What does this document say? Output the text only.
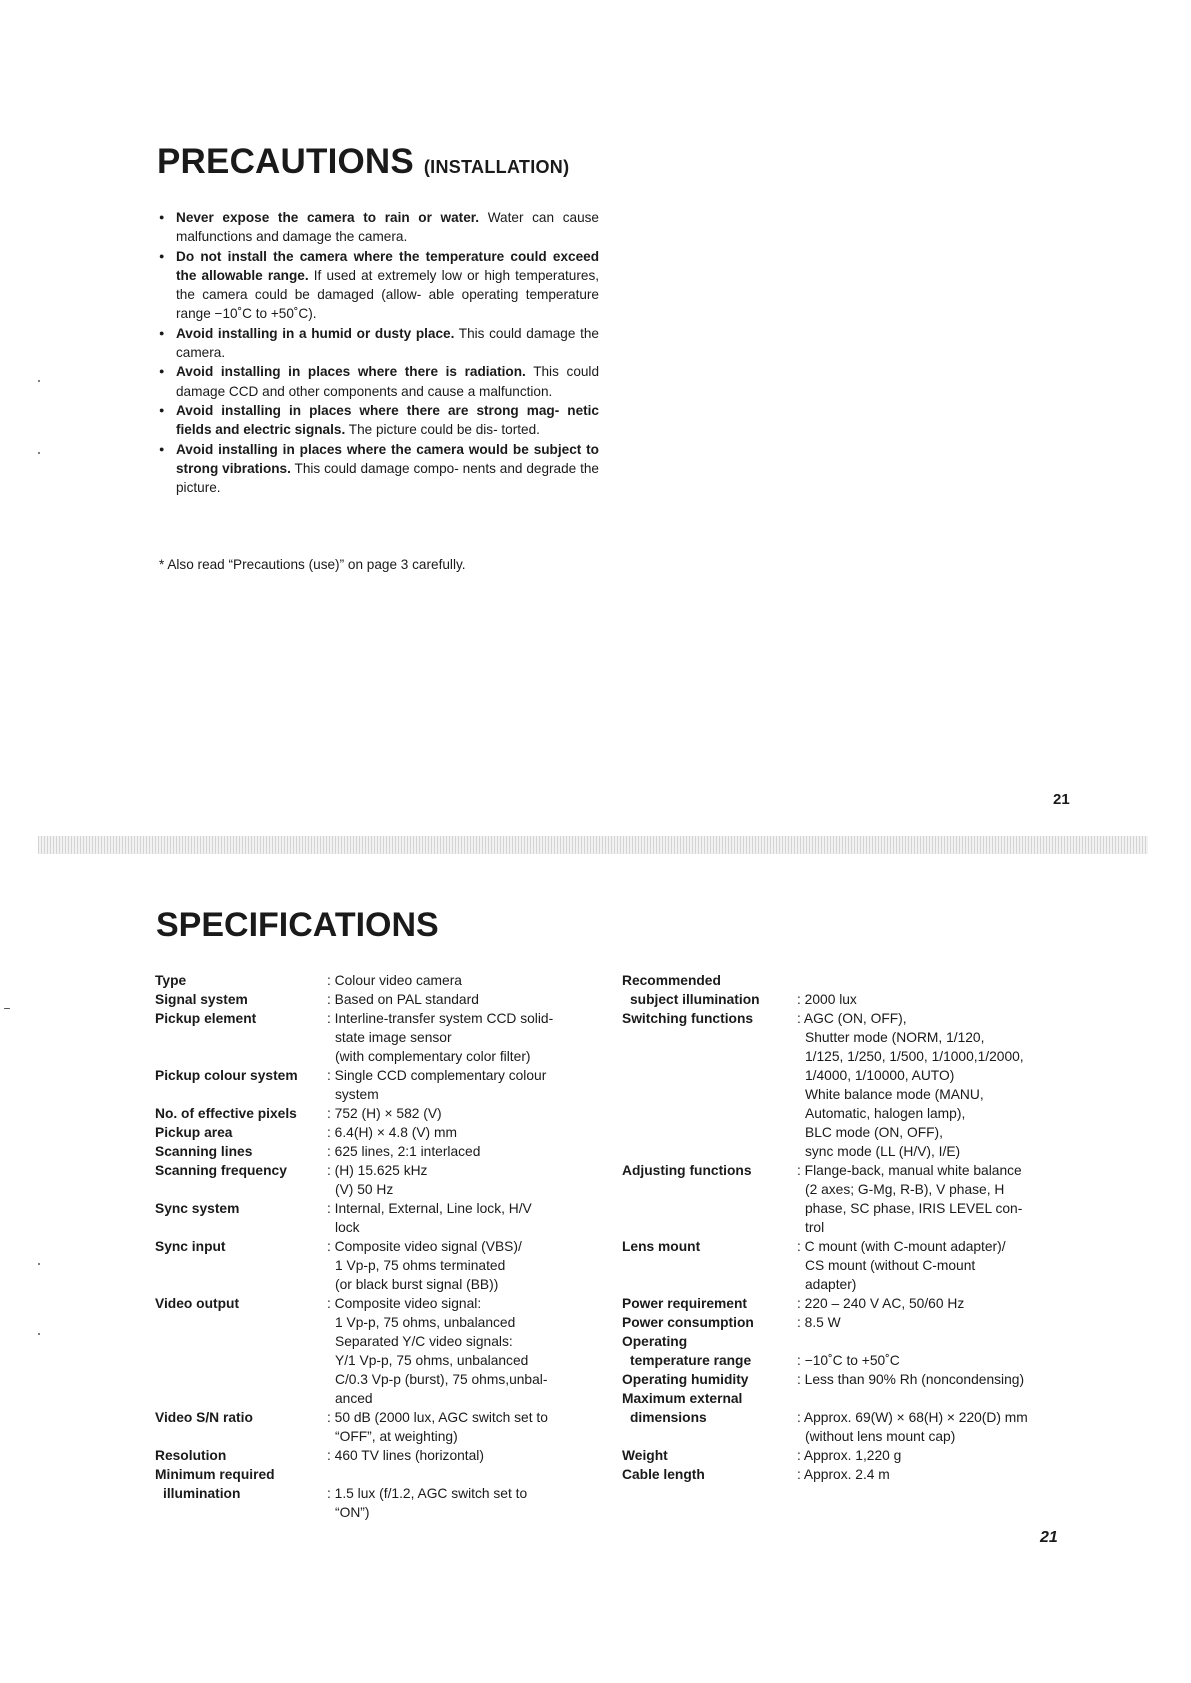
PRECAUTIONS (INSTALLATION)
● Never expose the camera to rain or water. Water can cause malfunctions and damage the camera.
● Do not install the camera where the temperature could exceed the allowable range. If used at extremely low or high temperatures, the camera could be damaged (allow- able operating temperature range −10˚C to +50˚C).
● Avoid installing in a humid or dusty place. This could damage the camera.
● Avoid installing in places where there is radiation. This could damage CCD and other components and cause a malfunction.
● Avoid installing in places where there are strong mag- netic fields and electric signals. The picture could be dis- torted.
● Avoid installing in places where the camera would be subject to strong vibrations. This could damage compo- nents and degrade the picture.
* Also read “Precautions (use)” on page 3 carefully.
21
SPECIFICATIONS
Type	: Colour video camera
Signal system	: Based on PAL standard
Pickup element	: Interline-transfer system CCD solid-
state image sensor
(with complementary color filter)
Pickup colour system	: Single CCD complementary colour
system
No. of effective pixels	: 752 (H) × 582 (V)
Pickup area	: 6.4(H) × 4.8 (V) mm
Scanning lines	: 625 lines, 2:1 interlaced
Scanning frequency	: (H) 15.625 kHz
(V) 50 Hz
Sync system	: Internal, External, Line lock, H/V
lock
Sync input	: Composite video signal (VBS)/
1 Vp-p, 75 ohms terminated
(or black burst signal (BB))
Video output	: Composite video signal:
1 Vp-p, 75 ohms, unbalanced
Separated Y/C video signals:
Y/1 Vp-p, 75 ohms, unbalanced
C/0.3 Vp-p (burst), 75 ohms,unbal-
anced
Video S/N ratio	: 50 dB (2000 lux, AGC switch set to
“OFF”, at weighting)
Resolution	: 460 TV lines (horizontal)
Minimum required
illumination
	: 1.5 lux (f/1.2, AGC switch set to
“ON”)
Recommended
subject illumination
	: 2000 lux
Switching functions	: AGC (ON, OFF),
Shutter mode (NORM, 1/120,
1/125, 1/250, 1/500, 1/1000,1/2000,
1/4000, 1/10000, AUTO)
White balance mode (MANU,
Automatic, halogen lamp),
BLC mode (ON, OFF),
sync mode (LL (H/V), I/E)
Adjusting functions	: Flange-back, manual white balance
(2 axes; G-Mg, R-B), V phase, H
phase, SC phase, IRIS LEVEL con-
trol
Lens mount	: C mount (with C-mount adapter)/
CS mount (without C-mount
adapter)
Power requirement	: 220 – 240 V AC, 50/60 Hz
Power consumption	: 8.5 W
Operating
temperature range
	: −10˚C to +50˚C
Operating humidity	: Less than 90% Rh (noncondensing)
Maximum external
dimensions
	: Approx. 69(W) × 68(H) × 220(D) mm
(without lens mount cap)
Weight	: Approx. 1,220 g
Cable length	: Approx. 2.4 m
21
